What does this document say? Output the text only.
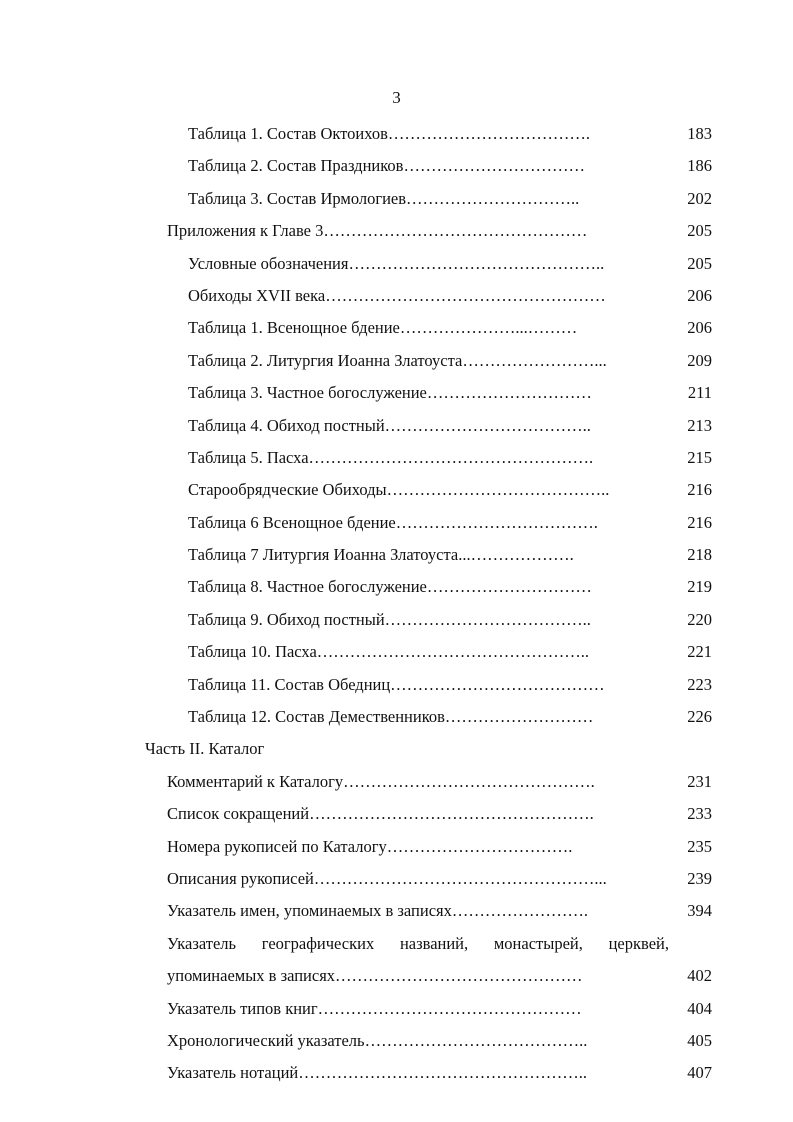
3
Таблица 1. Состав Октоихов……………………………….	183
Таблица 2. Состав Праздников……………………………	186
Таблица 3. Состав Ирмологиев…………………………..	202
Приложения к Главе 3…………………………………………	205
Условные обозначения………………………………………..	205
Обиходы XVII века……………………………………………	206
Таблица 1. Всенощное бдение…………………...………	206
Таблица 2. Литургия Иоанна Златоуста……………………...	209
Таблица 3. Частное богослужение…………………………	211
Таблица 4. Обиход постный………………………………..	213
Таблица 5. Пасха…………………………………………….	215
Старообрядческие Обиходы…………………………………..	216
Таблица 6 Всенощное бдение……………………………….	216
Таблица 7 Литургия Иоанна Златоуста...……………….	218
Таблица 8. Частное богослужение…………………………	219
Таблица 9. Обиход постный………………………………..	220
Таблица 10. Пасха…………………………………………..	221
Таблица 11. Состав Обедниц…………………………………	223
Таблица 12. Состав Демественников………………………	226
Часть II. Каталог
Комментарий к Каталогу……………………………………….	231
Список сокращений…………………………………………….	233
Номера рукописей по Каталогу…………………………….	235
Описания рукописей……………………………………………...	239
Указатель имен, упоминаемых в записях…………………….	394
Указатель географических названий, монастырей, церквей,
упоминаемых в записях………………………………………	402
Указатель типов книг…………………………………………	404
Хронологический указатель…………………………………..	405
Указатель нотаций……………………………………………..	407
